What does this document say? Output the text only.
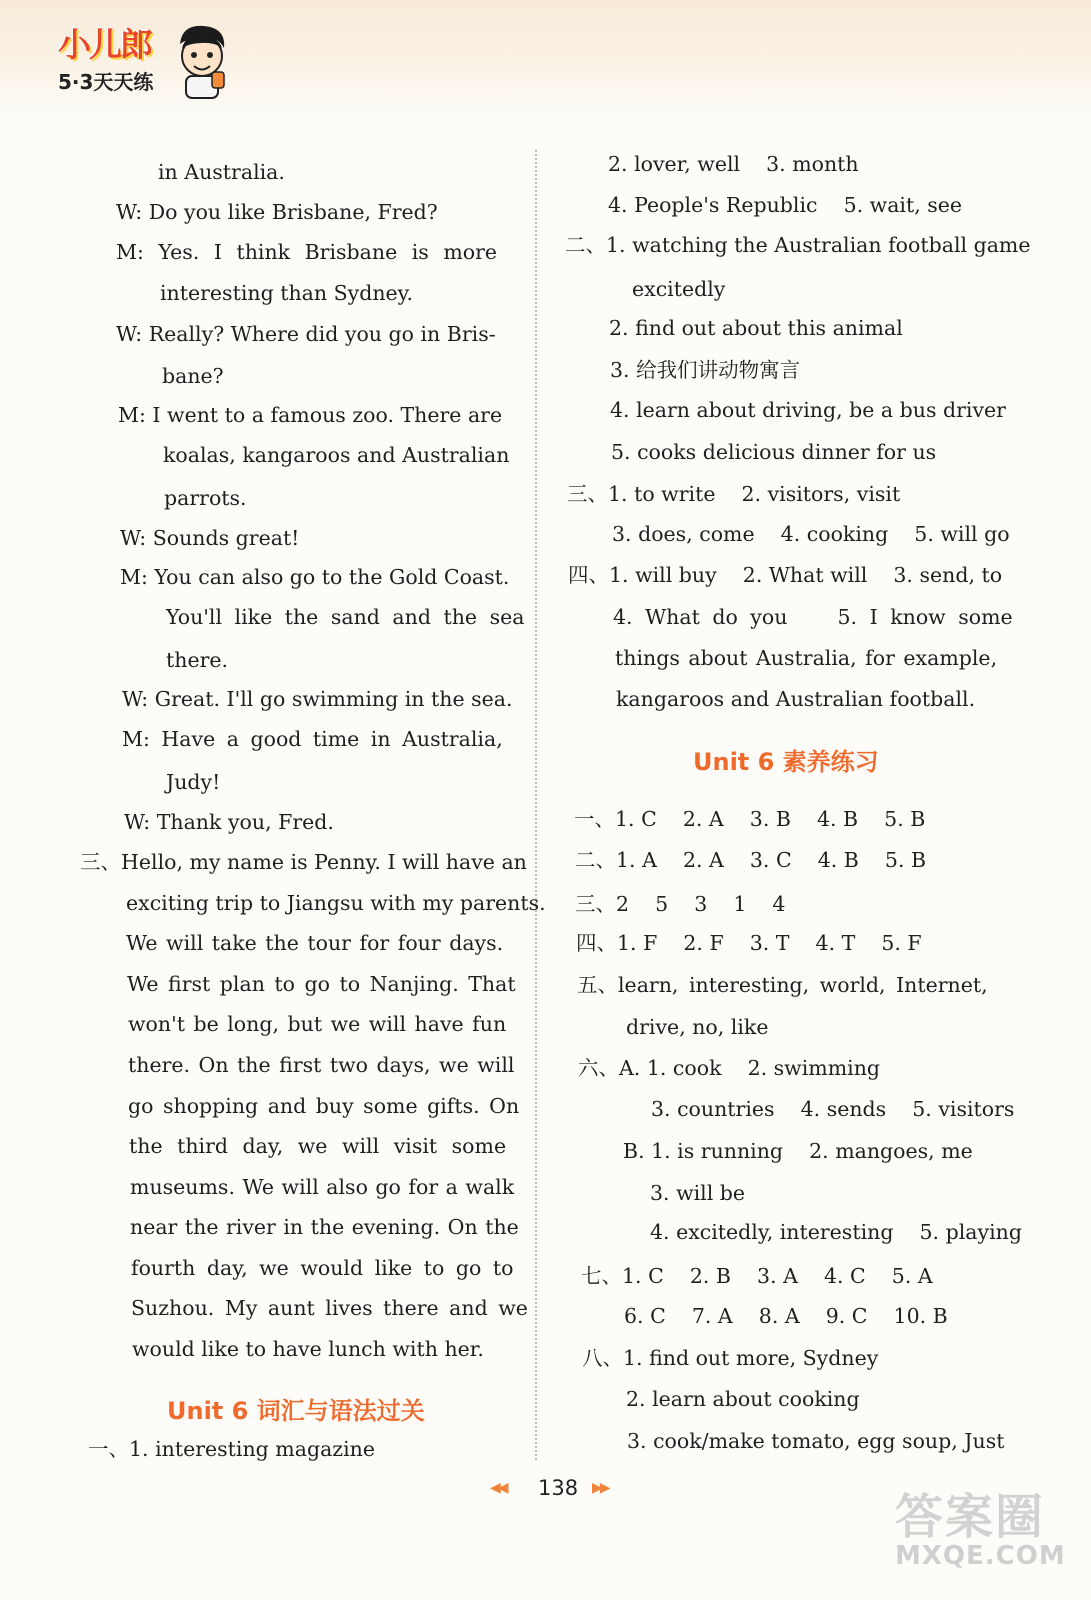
小儿郎
5·3天天练
in Australia.
W: Do you like Brisbane, Fred?
M: Yes. I think Brisbane is more
interesting than Sydney.
W: Really? Where did you go in Bris-
bane?
M: I went to a famous zoo. There are
koalas, kangaroos and Australian
parrots.
W: Sounds great!
M: You can also go to the Gold Coast.
You'll like the sand and the sea
there.
W: Great. I'll go swimming in the sea.
M: Have a good time in Australia,
Judy!
W: Thank you, Fred.
三、Hello, my name is Penny. I will have an
exciting trip to Jiangsu with my parents.
We will take the tour for four days.
We first plan to go to Nanjing. That
won't be long, but we will have fun
there. On the first two days, we will
go shopping and buy some gifts. On
the third day, we will visit some
museums. We will also go for a walk
near the river in the evening. On the
fourth day, we would like to go to
Suzhou. My aunt lives there and we
would like to have lunch with her.
Unit 6 词汇与语法过关
一、1. interesting magazine
2. lover, well    3. month
4. People's Republic    5. wait, see
二、1. watching the Australian football game
excitedly
2. find out about this animal
3. 给我们讲动物寓言
4. learn about driving, be a bus driver
5. cooks delicious dinner for us
三、1. to write    2. visitors, visit
3. does, come    4. cooking    5. will go
四、1. will buy    2. What will    3. send, to
4. What do you    5. I know some
things about Australia, for example,
kangaroos and Australian football.
Unit 6 素养练习
一、1. C    2. A    3. B    4. B    5. B
二、1. A    2. A    3. C    4. B    5. B
三、2    5    3    1    4
四、1. F    2. F    3. T    4. T    5. F
五、learn, interesting, world, Internet,
drive, no, like
六、A. 1. cook    2. swimming
3. countries    4. sends    5. visitors
B. 1. is running    2. mangoes, me
3. will be
4. excitedly, interesting    5. playing
七、1. C    2. B    3. A    4. C    5. A
6. C    7. A    8. A    9. C    10. B
八、1. find out more, Sydney
2. learn about cooking
3. cook/make tomato, egg soup, Just
◀◀ 138 ▶▶
答案圈
MXQE.COM
